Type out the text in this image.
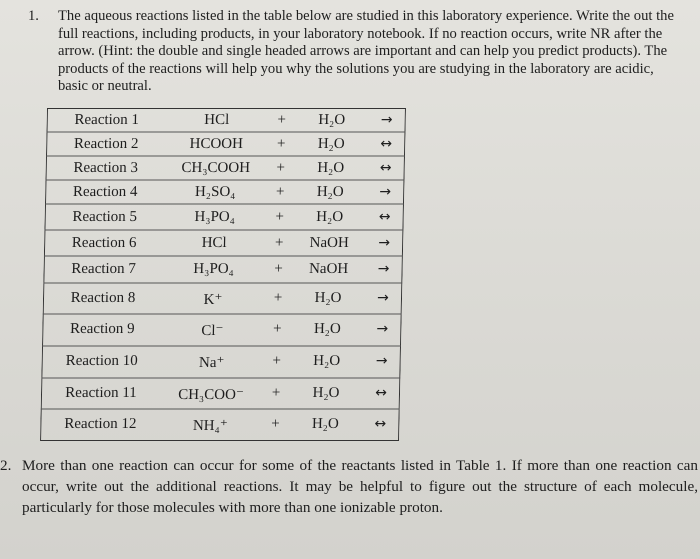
1. The aqueous reactions listed in the table below are studied in this laboratory experience. Write the out the full reactions, including products, in your laboratory notebook. If no reaction occurs, write NR after the arrow. (Hint: the double and single headed arrows are important and can help you predict products). The products of the reactions will help you why the solutions you are studying in the laboratory are acidic, basic or neutral.
Reaction 1	HCl	+	H₂O	→
Reaction 2	HCOOH	+	H₂O	↔
Reaction 3	CH₃COOH	+	H₂O	↔
Reaction 4	H₂SO₄	+	H₂O	→
Reaction 5	H₃PO₄	+	H₂O	↔
Reaction 6	HCl	+	NaOH	→
Reaction 7	H₃PO₄	+	NaOH	→
Reaction 8	K⁺	+	H₂O	→
Reaction 9	Cl⁻	+	H₂O	→
Reaction 10	Na⁺	+	H₂O	→
Reaction 11	CH₃COO⁻	+	H₂O	↔
Reaction 12	NH₄⁺	+	H₂O	↔
2. More than one reaction can occur for some of the reactants listed in Table 1. If more than one reaction can occur, write out the additional reactions. It may be helpful to figure out the structure of each molecule, particularly for those molecules with more than one ionizable proton.
